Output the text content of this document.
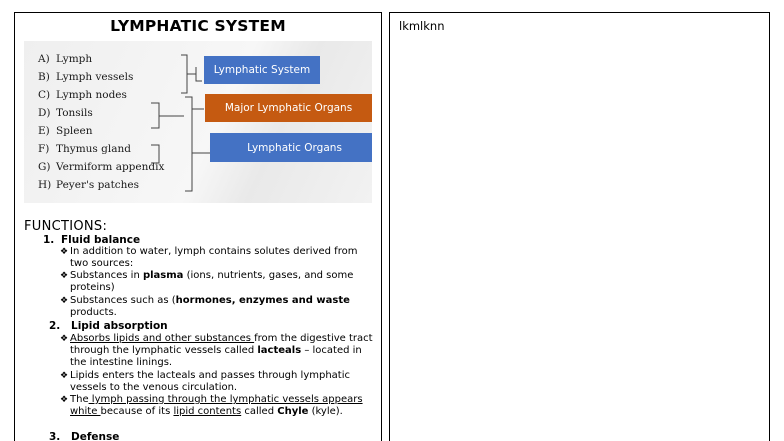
LYMPHATIC SYSTEM
A) Lymph
B) Lymph vessels
C) Lymph nodes
D) Tonsils
E) Spleen
F) Thymus gland
G) Vermiform appendix
H) Peyer's patches
Lymphatic System
Major Lymphatic Organs
Lymphatic Organs
FUNCTIONS:
1. Fluid balance
❖ In addition to water, lymph contains solutes derived from two sources:
❖ Substances in plasma (ions, nutrients, gases, and some proteins)
❖ Substances such as (hormones, enzymes and waste products.
2. Lipid absorption
❖ Absorbs lipids and other substances from the digestive tract through the lymphatic vessels called lacteals – located in the intestine linings.
❖ Lipids enters the lacteals and passes through lymphatic vessels to the venous circulation.
❖ The lymph passing through the lymphatic vessels appears white because of its lipid contents called Chyle (kyle).
3. Defense
lkmlknn
